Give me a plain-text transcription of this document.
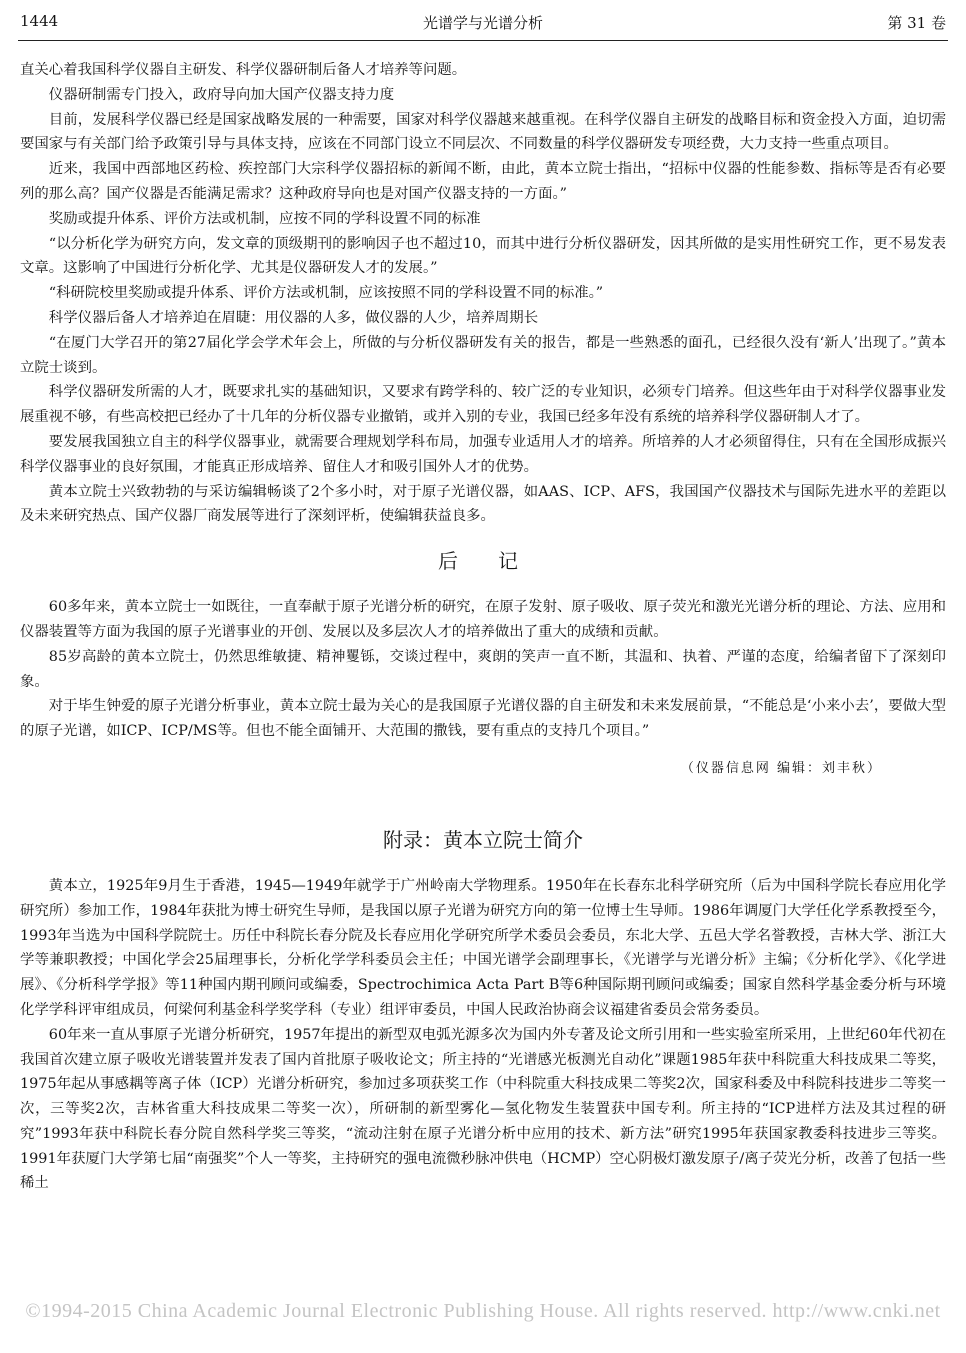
1444	光谱学与光谱分析	第 31 卷

直关心着我国科学仪器自主研发、科学仪器研制后备人才培养等问题。

仪器研制需专门投入，政府导向加大国产仪器支持力度

目前，发展科学仪器已经是国家战略发展的一种需要，国家对科学仪器越来越重视。在科学仪器自主研发的战略目标和资金投入方面，迫切需要国家与有关部门给予政策引导与具体支持，应该在不同部门设立不同层次、不同数量的科学仪器研发专项经费，大力支持一些重点项目。

近来，我国中西部地区药检、疾控部门大宗科学仪器招标的新闻不断，由此，黄本立院士指出，“招标中仪器的性能参数、指标等是否有必要列的那么高？国产仪器是否能满足需求？这种政府导向也是对国产仪器支持的一方面。”

奖励或提升体系、评价方法或机制，应按不同的学科设置不同的标准

“以分析化学为研究方向，发文章的顶级期刊的影响因子也不超过10，而其中进行分析仪器研发，因其所做的是实用性研究工作，更不易发表文章。这影响了中国进行分析化学、尤其是仪器研发人才的发展。”

“科研院校里奖励或提升体系、评价方法或机制，应该按照不同的学科设置不同的标准。”

科学仪器后备人才培养迫在眉睫：用仪器的人多，做仪器的人少，培养周期长

“在厦门大学召开的第27届化学会学术年会上，所做的与分析仪器研发有关的报告，都是一些熟悉的面孔，已经很久没有‘新人’出现了。”黄本立院士谈到。

科学仪器研发所需的人才，既要求扎实的基础知识，又要求有跨学科的、较广泛的专业知识，必须专门培养。但这些年由于对科学仪器事业发展重视不够，有些高校把已经办了十几年的分析仪器专业撤销，或并入别的专业，我国已经多年没有系统的培养科学仪器研制人才了。

要发展我国独立自主的科学仪器事业，就需要合理规划学科布局，加强专业适用人才的培养。所培养的人才必须留得住，只有在全国形成振兴科学仪器事业的良好氛围，才能真正形成培养、留住人才和吸引国外人才的优势。

黄本立院士兴致勃勃的与采访编辑畅谈了2个多小时，对于原子光谱仪器，如AAS、ICP、AFS，我国国产仪器技术与国际先进水平的差距以及未来研究热点、国产仪器厂商发展等进行了深刻评析，使编辑获益良多。

后　记

60多年来，黄本立院士一如既往，一直奉献于原子光谱分析的研究，在原子发射、原子吸收、原子荧光和激光光谱分析的理论、方法、应用和仪器装置等方面为我国的原子光谱事业的开创、发展以及多层次人才的培养做出了重大的成绩和贡献。

85岁高龄的黄本立院士，仍然思维敏捷、精神矍铄，交谈过程中，爽朗的笑声一直不断，其温和、执着、严谨的态度，给编者留下了深刻印象。

对于毕生钟爱的原子光谱分析事业，黄本立院士最为关心的是我国原子光谱仪器的自主研发和未来发展前景，“不能总是‘小来小去’，要做大型的原子光谱，如ICP、ICP/MS等。但也不能全面铺开、大范围的撒钱，要有重点的支持几个项目。”

（仪器信息网 编辑：刘丰秋）
附录：黄本立院士简介

黄本立，1925年9月生于香港，1945—1949年就学于广州岭南大学物理系。1950年在长春东北科学研究所（后为中国科学院长春应用化学研究所）参加工作，1984年获批为博士研究生导师，是我国以原子光谱为研究方向的第一位博士生导师。1986年调厦门大学任化学系教授至今，1993年当选为中国科学院院士。历任中科院长春分院及长春应用化学研究所学术委员会委员，东北大学、五邑大学名誉教授，吉林大学、浙江大学等兼职教授；中国化学会25届理事长，分析化学学科委员会主任；中国光谱学会副理事长，《光谱学与光谱分析》主编；《分析化学》、《化学进展》、《分析科学学报》等11种国内期刊顾问或编委，Spectrochimica Acta Part B等6种国际期刊顾问或编委；国家自然科学基金委分析与环境化学学科评审组成员，何梁何利基金科学奖学科（专业）组评审委员，中国人民政治协商会议福建省委员会常务委员。

60年来一直从事原子光谱分析研究，1957年提出的新型双电弧光源多次为国内外专著及论文所引用和一些实验室所采用，上世纪60年代初在我国首次建立原子吸收光谱装置并发表了国内首批原子吸收论文；所主持的“光谱感光板测光自动化”课题1985年获中科院重大科技成果二等奖，1975年起从事感耦等离子体（ICP）光谱分析研究，参加过多项获奖工作（中科院重大科技成果二等奖2次，国家科委及中科院科技进步二等奖一次，三等奖2次，吉林省重大科技成果二等奖一次），所研制的新型雾化—氢化物发生装置获中国专利。所主持的“ICP进样方法及其过程的研究”1993年获中科院长春分院自然科学奖三等奖，“流动注射在原子光谱分析中应用的技术、新方法”研究1995年获国家教委科技进步三等奖。1991年获厦门大学第七届“南强奖”个人一等奖，主持研究的强电流微秒脉冲供电（HCMP）空心阴极灯激发原子/离子荧光分析，改善了包括一些稀土

©1994-2015 China Academic Journal Electronic Publishing House. All rights reserved. http://www.cnki.net
